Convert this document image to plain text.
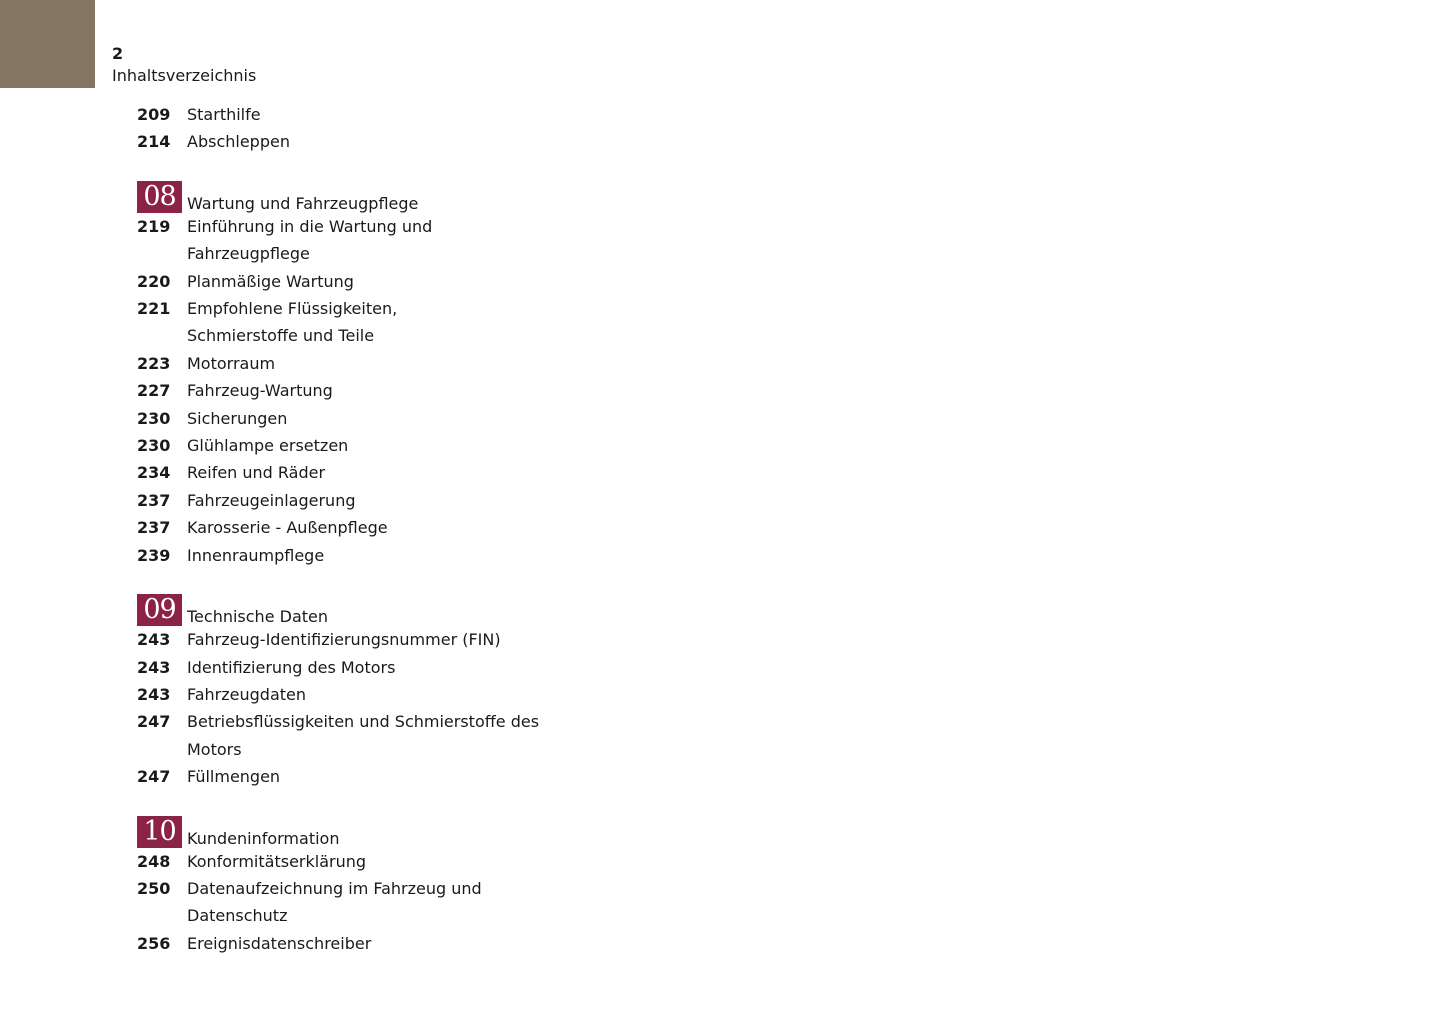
2
Inhaltsverzeichnis
209	Starthilfe
214	Abschleppen
08 Wartung und Fahrzeugpflege
219	Einführung in die Wartung und Fahrzeugpflege
220	Planmäßige Wartung
221	Empfohlene Flüssigkeiten, Schmierstoffe und Teile
223	Motorraum
227	Fahrzeug-Wartung
230	Sicherungen
230	Glühlampe ersetzen
234	Reifen und Räder
237	Fahrzeugeinlagerung
237	Karosserie - Außenpflege
239	Innenraumpflege
09 Technische Daten
243	Fahrzeug-Identifizierungsnummer (FIN)
243	Identifizierung des Motors
243	Fahrzeugdaten
247	Betriebsflüssigkeiten und Schmierstoffe des Motors
247	Füllmengen
10 Kundeninformation
248	Konformitätserklärung
250	Datenaufzeichnung im Fahrzeug und Datenschutz
256	Ereignisdatenschreiber
